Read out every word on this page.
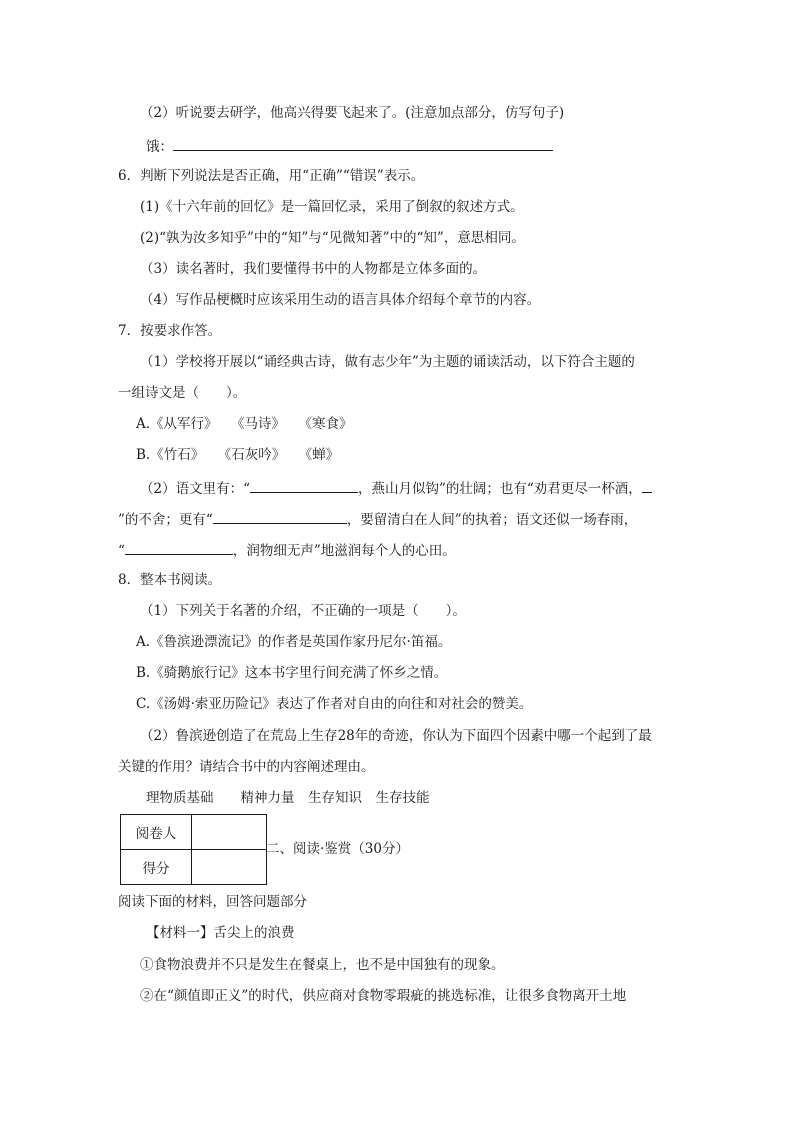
（2）听说要去研学，他高兴得要飞起来了。(注意加点部分，仿写句子)
饿：
6．判断下列说法是否正确，用“正确”“错误”表示。
(1)《十六年前的回忆》是一篇回忆录，采用了倒叙的叙述方式。
(2)“孰为汝多知乎”中的“知”与“见微知著”中的“知”，意思相同。
（3）读名著时，我们要懂得书中的人物都是立体多面的。
（4）写作品梗概时应该采用生动的语言具体介绍每个章节的内容。
7．按要求作答。
（1）学校将开展以“诵经典古诗，做有志少年”为主题的诵读活动，以下符合主题的
一组诗文是（　　）。
A.《从军行》　　《马诗》　　《寒食》
B.《竹石》　　《石灰吟》　　《蝉》
（2）语文里有：“	，燕山月似钩”的壮阔；也有“劝君更尽一杯酒，
”的不舍；更有“	，要留清白在人间”的执着；语文还似一场春雨，
“	，润物细无声”地滋润每个人的心田。
8．整本书阅读。
（1）下列关于名著的介绍，不正确的一项是（　　）。
A.《鲁滨逊漂流记》的作者是英国作家丹尼尔·笛福。
B.《骑鹅旅行记》这本书字里行间充满了怀乡之情。
C.《汤姆·索亚历险记》表达了作者对自由的向往和对社会的赞美。
（2）鲁滨逊创造了在荒岛上生存28年的奇迹，你认为下面四个因素中哪一个起到了最
关键的作用？请结合书中的内容阐述理由。
理物质基础　　精神力量　生存知识　生存技能
阅卷人	
得分	
二、阅读·鉴赏（30分）
阅读下面的材料，回答问题部分
【材料一】舌尖上的浪费
①食物浪费并不只是发生在餐桌上，也不是中国独有的现象。
②在“颜值即正义”的时代，供应商对食物零瑕疵的挑选标准，让很多食物离开土地
